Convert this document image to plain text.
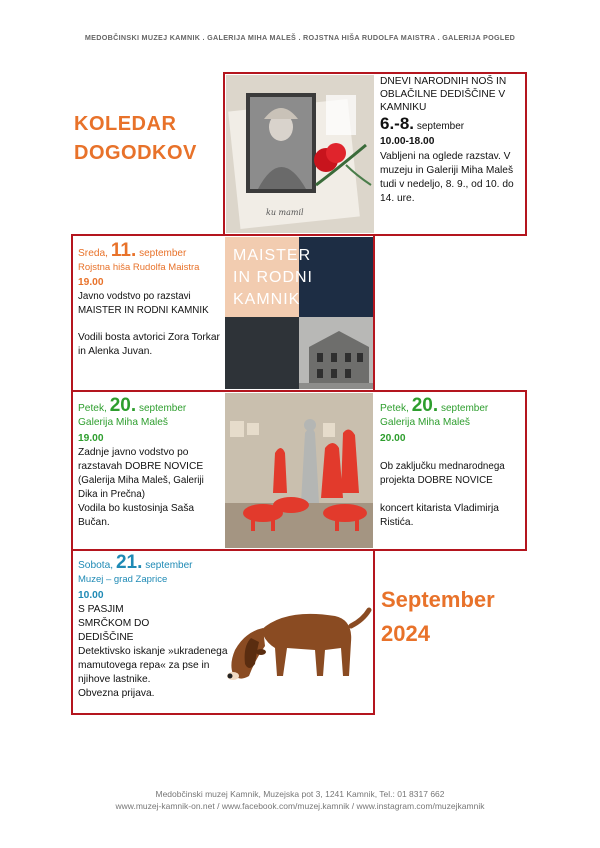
MEDOBČINSKI MUZEJ KAMNIK . GALERIJA MIHA MALEŠ . ROJSTNA HIŠA RUDOLFA MAISTRA . GALERIJA POGLED
KOLEDAR
DOGODKOV
ku mamil
DNEVI NARODNIH NOŠ IN OBLAČILNE DEDIŠČINE V KAMNIKU
6.-8. september
10.00-18.00
Vabljeni na oglede razstav. V muzeju in Galeriji Miha Maleš tudi v nedeljo, 8. 9., od 10. do 14. ure.
Sreda, 11. september
Rojstna hiša Rudolfa Maistra
19.00
Javno vodstvo po razstavi MAISTER IN RODNI KAMNIK
Vodili bosta avtorici Zora Torkar in Alenka Juvan.
MAISTER IN RODNI KAMNIK
Petek, 20. september
Galerija Miha Maleš
19.00
Zadnje javno vodstvo po razstavah DOBRE NOVICE
(Galerija Miha Maleš, Galeriji Dika in Prečna)
Vodila bo kustosinja Saša Bučan.
Petek, 20. september
Galerija Miha Maleš
20.00
Ob zaključku mednarodnega projekta DOBRE NOVICE
koncert kitarista Vladimirja Ristića.
Sobota, 21. september
Muzej – grad Zaprice
10.00
S PASJIM SMRČKOM DO DEDIŠČINE
Detektivsko iskanje »ukradenega mamutovega repa« za pse in njihove lastnike.
Obvezna prijava.
September
2024
Medobčinski muzej Kamnik, Muzejska pot 3, 1241 Kamnik, Tel.: 01 8317 662
www.muzej-kamnik-on.net / www.facebook.com/muzej.kamnik / www.instagram.com/muzejkamnik
